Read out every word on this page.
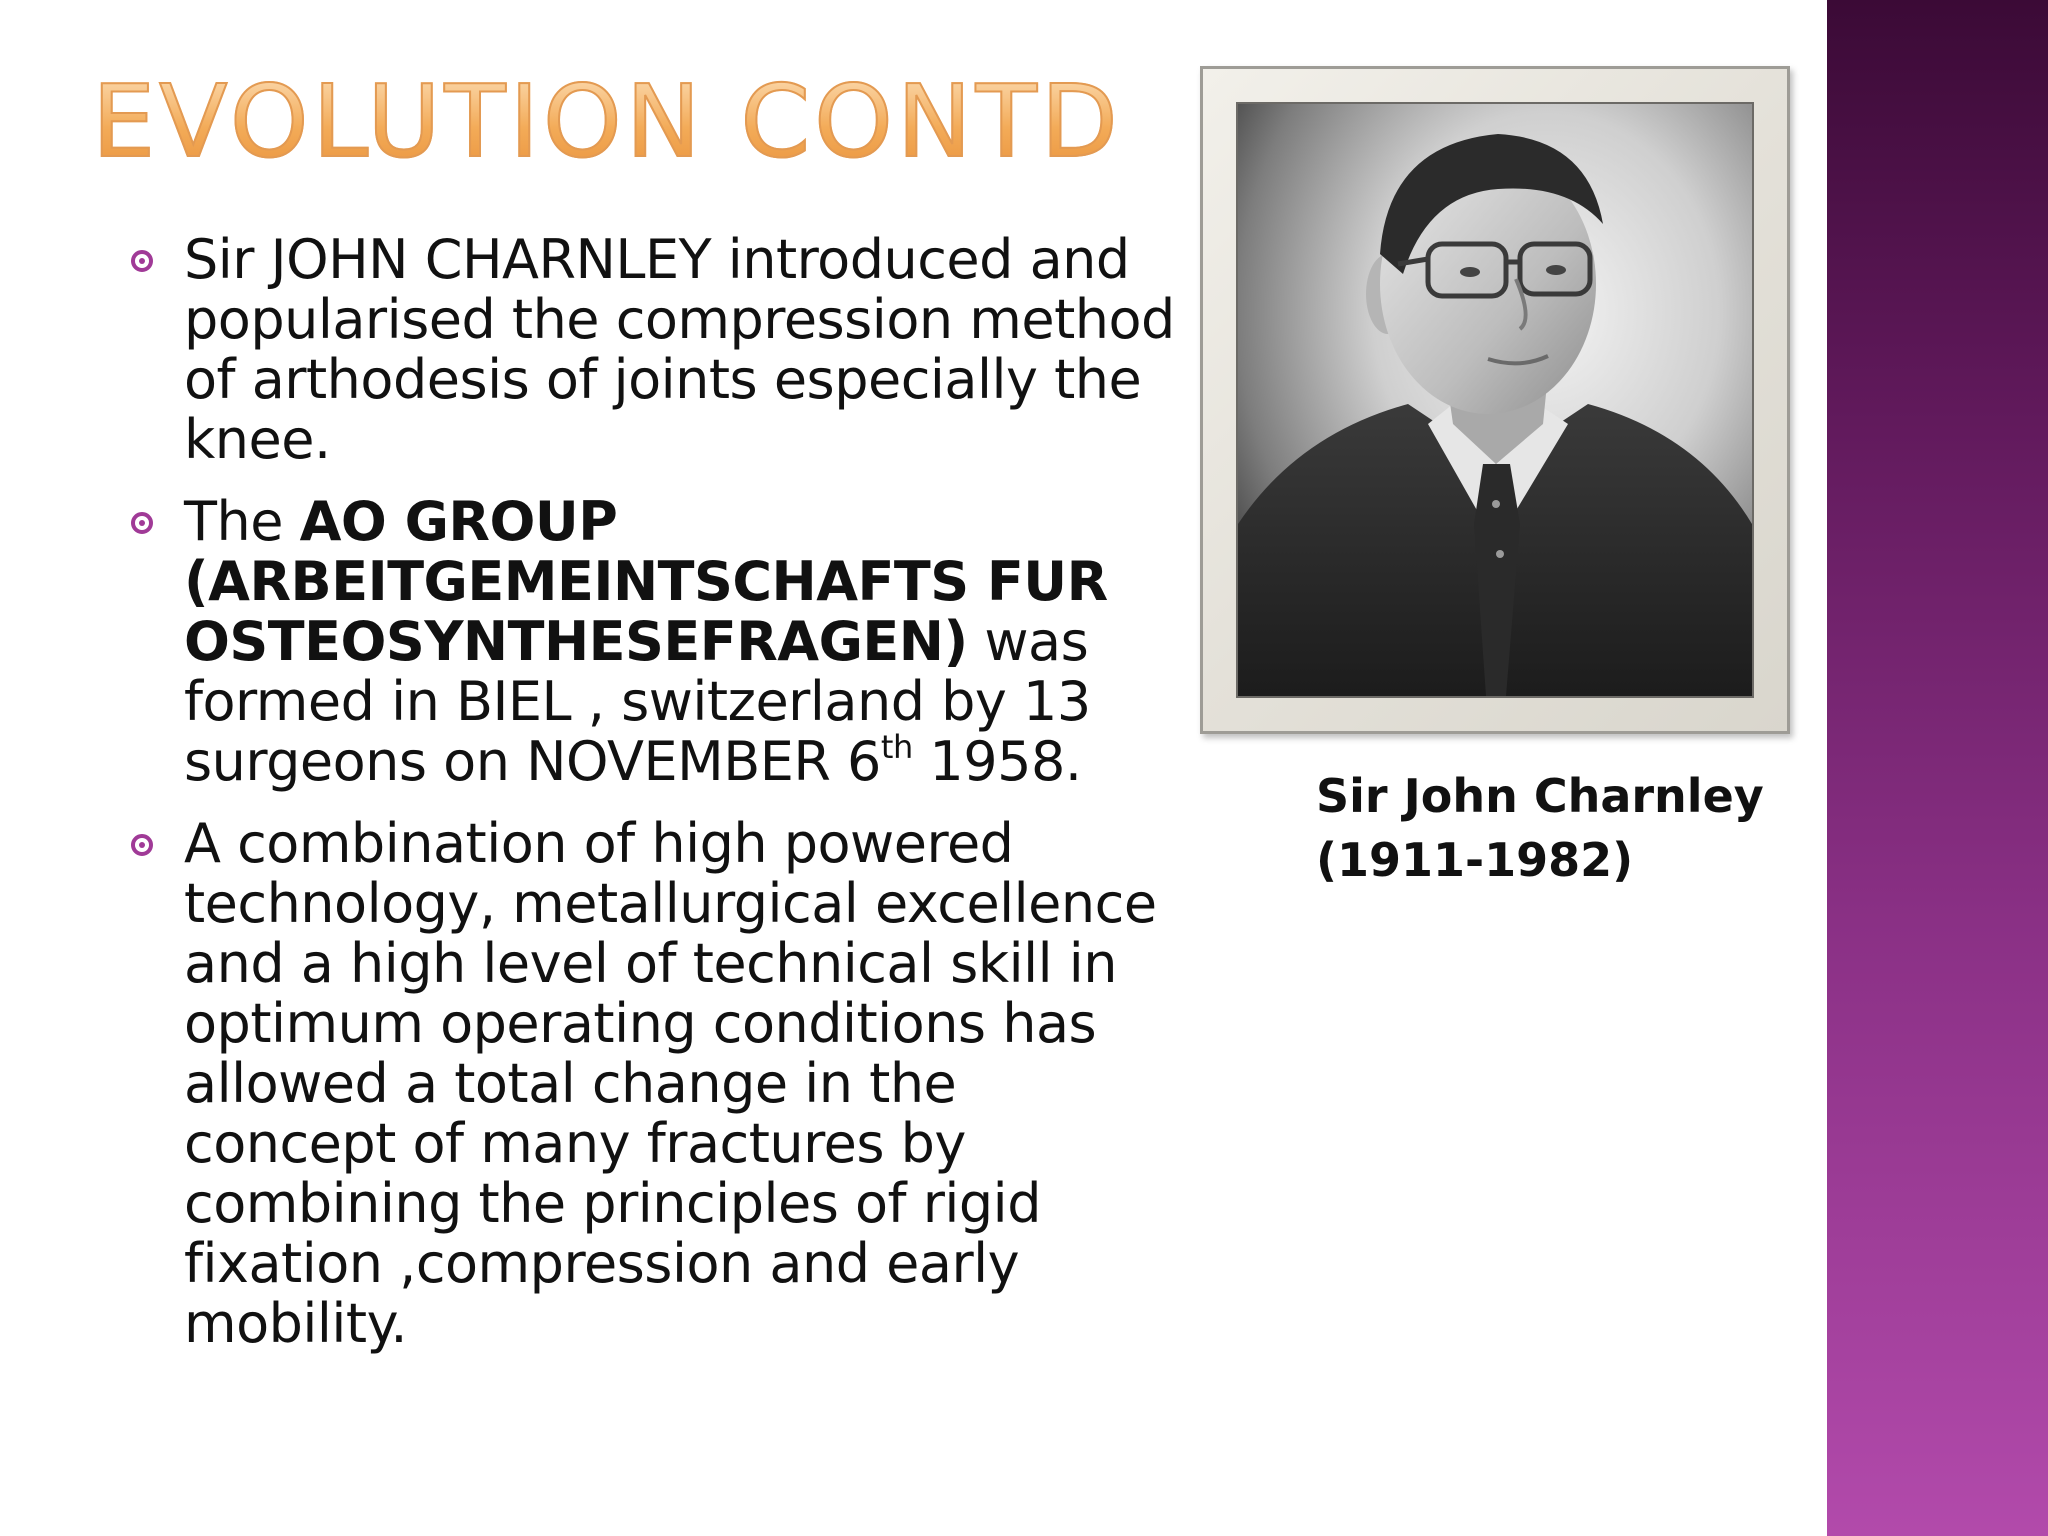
EVOLUTION CONTD
Sir JOHN CHARNLEY introduced and popularised the compression method of arthodesis of joints especially the knee.
The AO GROUP (ARBEITGEMEINTSCHAFTS FUR OSTEOSYNTHESEFRAGEN) was formed in BIEL , switzerland by 13 surgeons on NOVEMBER 6th 1958.
A combination of high powered technology, metallurgical excellence and a high level of technical skill in optimum operating conditions has allowed a total change in the concept of many fractures by combining the principles of rigid fixation ,compression and early mobility.
Sir John Charnley
(1911-1982)
